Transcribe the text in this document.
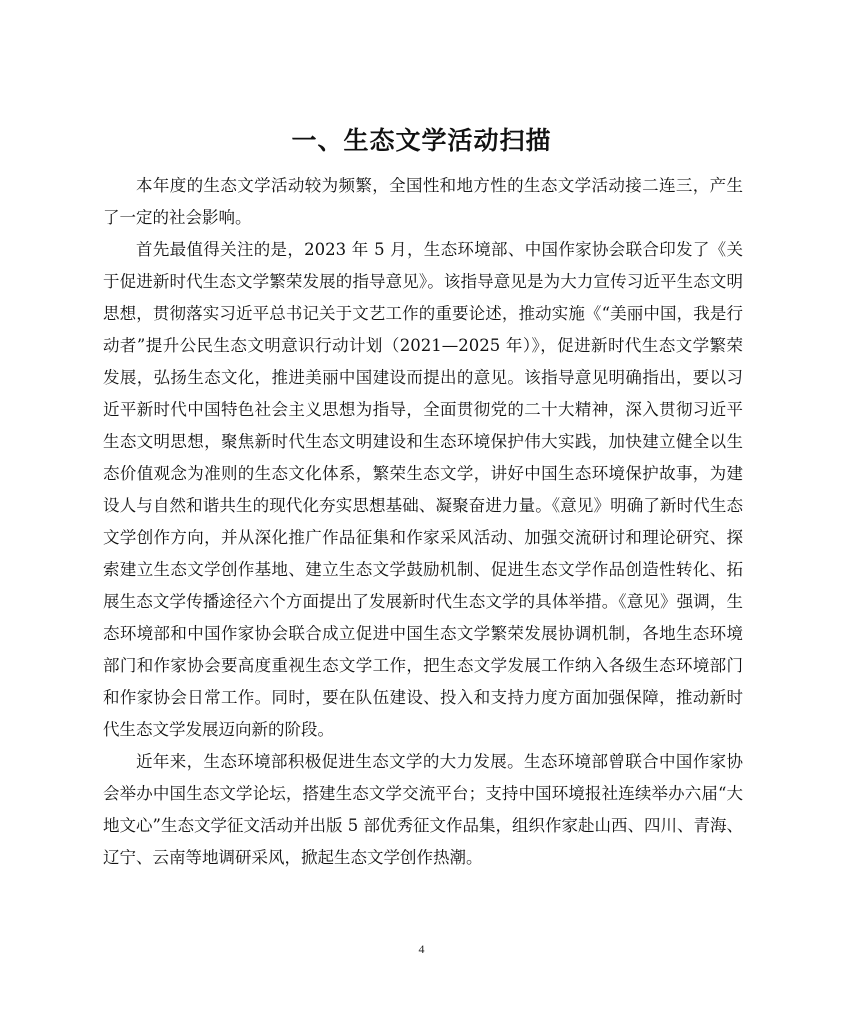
一、生态文学活动扫描

本年度的生态文学活动较为频繁，全国性和地方性的生态文学活动接二连三，产生了一定的社会影响。

首先最值得关注的是，2023 年 5 月，生态环境部、中国作家协会联合印发了《关于促进新时代生态文学繁荣发展的指导意见》。该指导意见是为大力宣传习近平生态文明思想，贯彻落实习近平总书记关于文艺工作的重要论述，推动实施《“美丽中国，我是行动者”提升公民生态文明意识行动计划（2021—2025 年）》，促进新时代生态文学繁荣发展，弘扬生态文化，推进美丽中国建设而提出的意见。该指导意见明确指出，要以习近平新时代中国特色社会主义思想为指导，全面贯彻党的二十大精神，深入贯彻习近平生态文明思想，聚焦新时代生态文明建设和生态环境保护伟大实践，加快建立健全以生态价值观念为准则的生态文化体系，繁荣生态文学，讲好中国生态环境保护故事，为建设人与自然和谐共生的现代化夯实思想基础、凝聚奋进力量。《意见》明确了新时代生态文学创作方向，并从深化推广作品征集和作家采风活动、加强交流研讨和理论研究、探索建立生态文学创作基地、建立生态文学鼓励机制、促进生态文学作品创造性转化、拓展生态文学传播途径六个方面提出了发展新时代生态文学的具体举措。《意见》强调，生态环境部和中国作家协会联合成立促进中国生态文学繁荣发展协调机制，各地生态环境部门和作家协会要高度重视生态文学工作，把生态文学发展工作纳入各级生态环境部门和作家协会日常工作。同时，要在队伍建设、投入和支持力度方面加强保障，推动新时代生态文学发展迈向新的阶段。

近年来，生态环境部积极促进生态文学的大力发展。生态环境部曾联合中国作家协会举办中国生态文学论坛，搭建生态文学交流平台；支持中国环境报社连续举办六届“大地文心”生态文学征文活动并出版 5 部优秀征文作品集，组织作家赴山西、四川、青海、辽宁、云南等地调研采风，掀起生态文学创作热潮。

4
